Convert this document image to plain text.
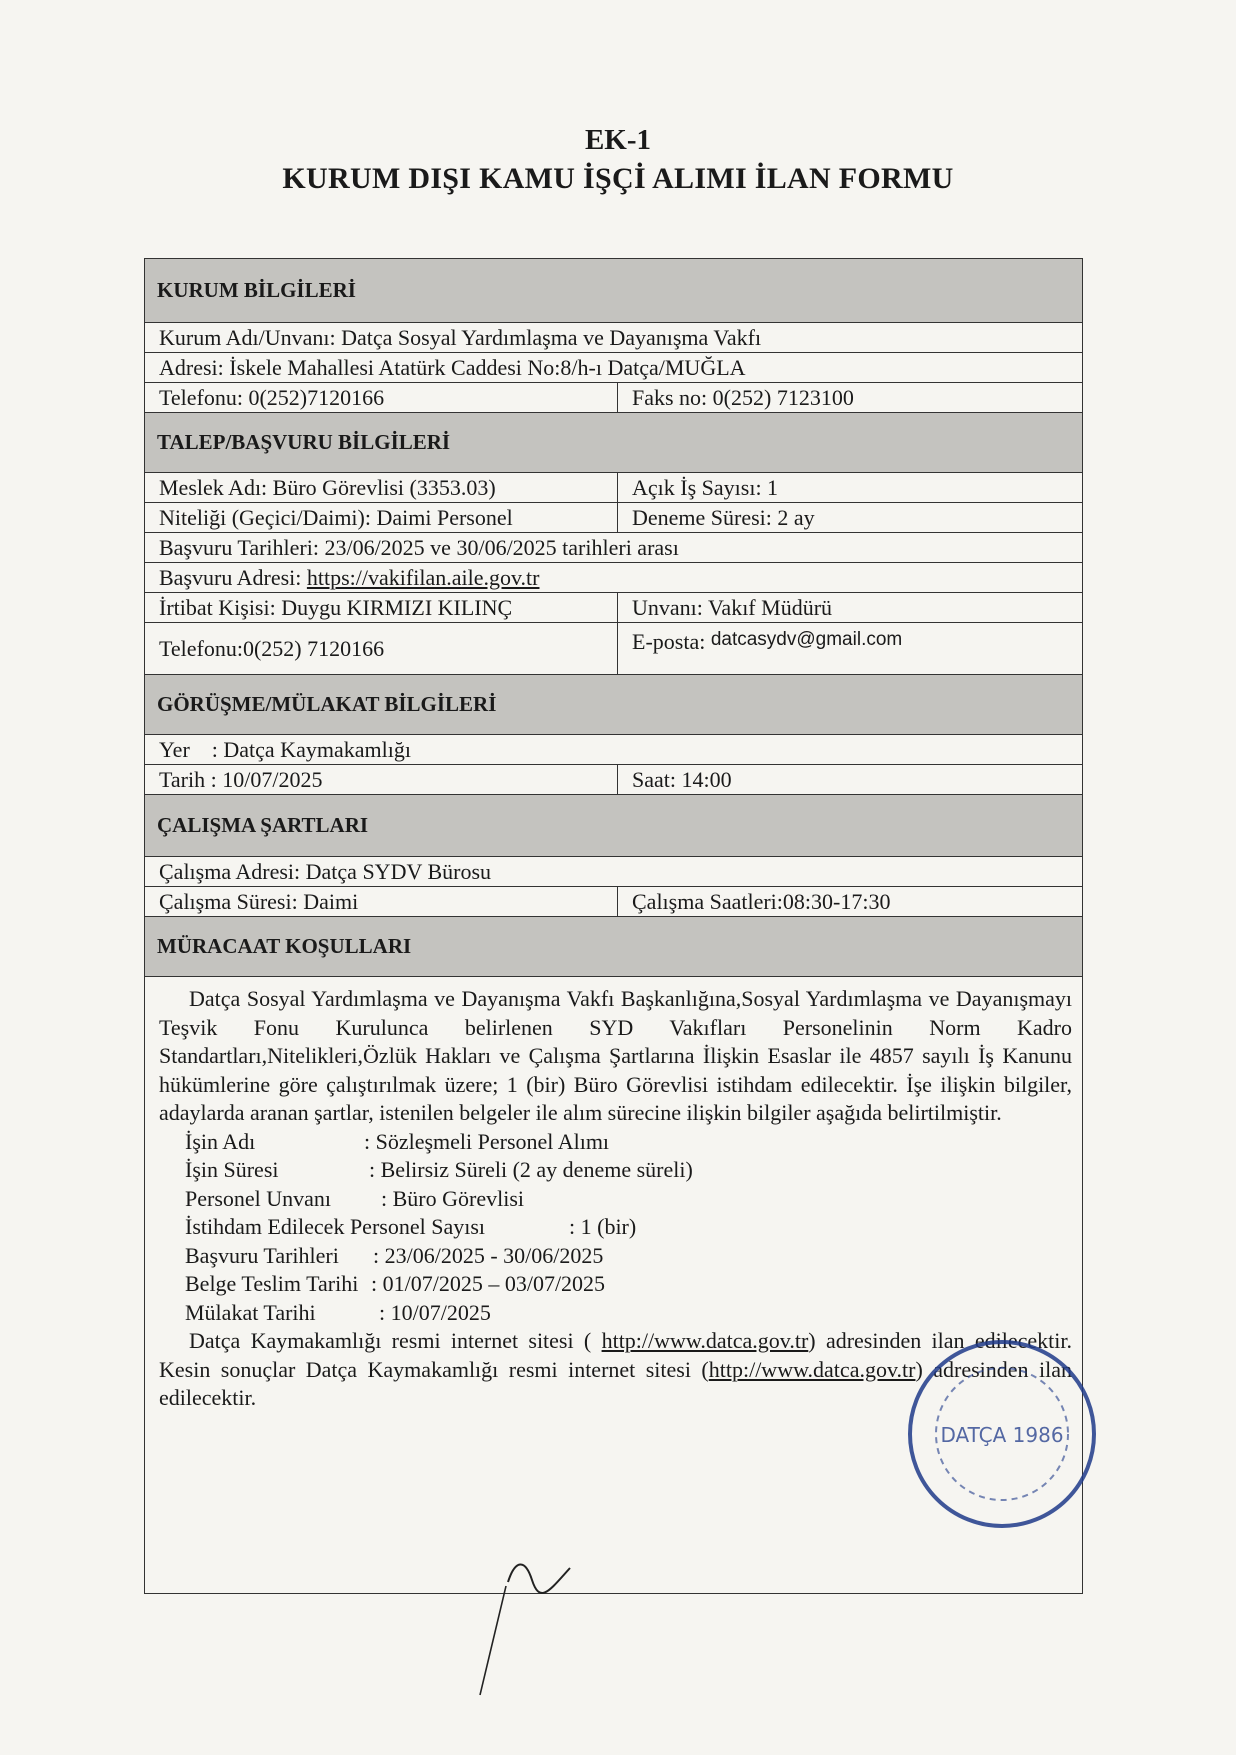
EK-1
KURUM DIŞI KAMU İŞÇİ ALIMI İLAN FORMU
KURUM BİLGİLERİ
Kurum Adı/Unvanı: Datça Sosyal Yardımlaşma ve Dayanışma Vakfı
Adresi: İskele Mahallesi Atatürk Caddesi No:8/h-ı Datça/MUĞLA
Telefonu: 0(252)7120166	Faks no: 0(252) 7123100
TALEP/BAŞVURU BİLGİLERİ
Meslek Adı: Büro Görevlisi (3353.03)	Açık İş Sayısı: 1
Niteliği (Geçici/Daimi): Daimi Personel	Deneme Süresi: 2 ay
Başvuru Tarihleri: 23/06/2025 ve 30/06/2025 tarihleri arası
Başvuru Adresi: https://vakifilan.aile.gov.tr
İrtibat Kişisi: Duygu KIRMIZI KILINÇ	Unvanı: Vakıf Müdürü
Telefonu:0(252) 7120166	E-posta: datcasydv@gmail.com
GÖRÜŞME/MÜLAKAT BİLGİLERİ
Yer    : Datça Kaymakamlığı
Tarih : 10/07/2025	Saat: 14:00
ÇALIŞMA ŞARTLARI
Çalışma Adresi: Datça SYDV Bürosu
Çalışma Süresi: Daimi	Çalışma Saatleri:08:30-17:30
MÜRACAAT KOŞULLARI

Datça Sosyal Yardımlaşma ve Dayanışma Vakfı Başkanlığına,Sosyal Yardımlaşma ve Dayanışmayı Teşvik Fonu Kurulunca belirlenen SYD Vakıfları Personelinin Norm Kadro Standartları,Nitelikleri,Özlük Hakları ve Çalışma Şartlarına İlişkin Esaslar ile 4857 sayılı İş Kanunu hükümlerine göre çalıştırılmak üzere; 1 (bir) Büro Görevlisi istihdam edilecektir. İşe ilişkin bilgiler, adaylarda aranan şartlar, istenilen belgeler ile alım sürecine ilişkin bilgiler aşağıda belirtilmiştir.

İşin Adı	: Sözleşmeli Personel Alımı
İşin Süresi	: Belirsiz Süreli (2 ay deneme süreli)
Personel Unvanı : Büro Görevlisi
İstihdam Edilecek Personel Sayısı	: 1 (bir)
Başvuru Tarihleri : 23/06/2025 - 30/06/2025
Belge Teslim Tarihi : 01/07/2025 – 03/07/2025
Mülakat Tarihi	: 10/07/2025

Datça Kaymakamlığı resmi internet sitesi ( http://www.datca.gov.tr) adresinden ilan edilecektir. Kesin sonuçlar Datça Kaymakamlığı resmi internet sitesi (http://www.datca.gov.tr) adresinden ilan edilecektir.

DATÇA 1986
